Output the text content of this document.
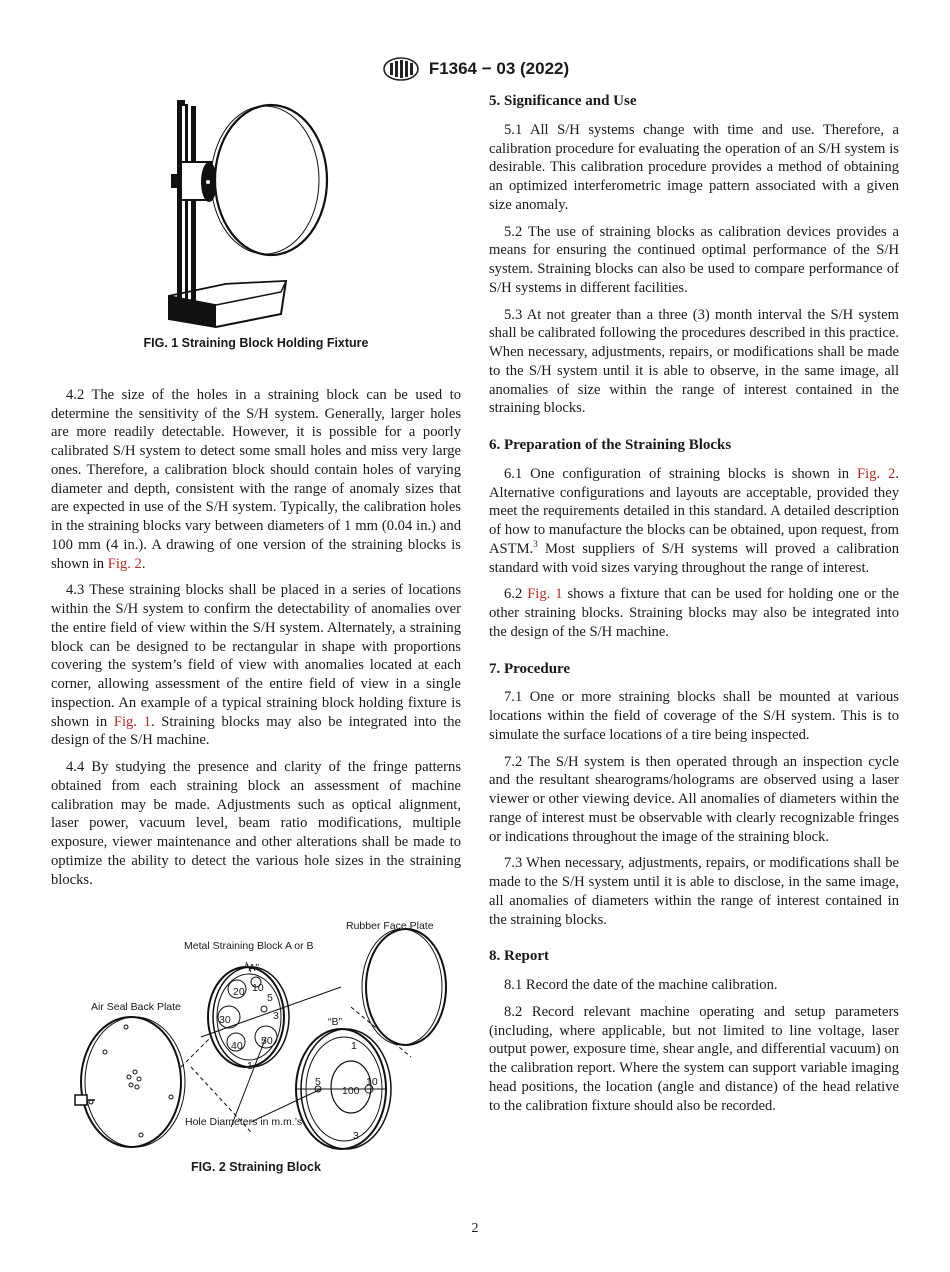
F1364 − 03 (2022)
FIG. 1 Straining Block Holding Fixture

4.2 The size of the holes in a straining block can be used to determine the sensitivity of the S/H system. Generally, larger holes are more readily detectable. However, it is possible for a poorly calibrated S/H system to detect some small holes and miss very large ones. Therefore, a calibration block should contain holes of varying diameter and depth, consistent with the range of anomaly sizes that are expected in use of the S/H system. Typically, the calibration holes in the straining blocks vary between diameters of 1 mm (0.04 in.) and 100 mm (4 in.). A drawing of one version of the straining blocks is shown in Fig. 2.

4.3 These straining blocks shall be placed in a series of locations within the S/H system to confirm the detectability of anomalies over the entire field of view within the S/H system. Alternately, a straining block can be designed to be rectangular in shape with proportions covering the system’s field of view with anomalies located at each corner, allowing assessment of the entire field of view in a single inspection. An example of a typical straining block holding fixture is shown in Fig. 1. Straining blocks may also be integrated into the design of the S/H machine.

4.4 By studying the presence and clarity of the fringe patterns obtained from each straining block an assessment of machine calibration may be made. Adjustments such as optical alignment, laser power, vacuum level, beam ratio modifications, multiple exposure, viewer maintenance and other alterations shall be made to optimize the ability to detect the various hole sizes in the straining blocks.

Rubber Face Plate
Metal Straining Block A or B
“A”
“B”
Air Seal Back Plate
Hole Diameters in m.m.’s
20 10
5
3
30
40 50
1
1
100
5	10
3
FIG. 2 Straining Block
5. Significance and Use

5.1 All S/H systems change with time and use. Therefore, a calibration procedure for evaluating the operation of an S/H system is desirable. This calibration procedure provides a method of obtaining an optimized interferometric image pattern associated with a given size anomaly.

5.2 The use of straining blocks as calibration devices provides a means for ensuring the continued optimal performance of the S/H system. Straining blocks can also be used to compare performance of S/H systems in different facilities.

5.3 At not greater than a three (3) month interval the S/H system shall be calibrated following the procedures described in this practice. When necessary, adjustments, repairs, or modifications shall be made to the S/H system until it is able to observe, in the same image, all anomalies of size within the range of interest contained in the straining blocks.

6. Preparation of the Straining Blocks

6.1 One configuration of straining blocks is shown in Fig. 2. Alternative configurations and layouts are acceptable, provided they meet the requirements detailed in this standard. A detailed description of how to manufacture the blocks can be obtained, upon request, from ASTM.$^3$ Most suppliers of S/H systems will proved a calibration standard with void sizes varying throughout the range of interest.

6.2 Fig. 1 shows a fixture that can be used for holding one or the other straining blocks. Straining blocks may also be integrated into the design of the S/H machine.

7. Procedure

7.1 One or more straining blocks shall be mounted at various locations within the field of coverage of the S/H system. This is to simulate the surface locations of a tire being inspected.

7.2 The S/H system is then operated through an inspection cycle and the resultant shearograms/holograms are observed using a laser viewer or other viewing device. All anomalies of diameters within the range of interest must be observable with clearly recognizable fringes or indications throughout the image of the straining block.

7.3 When necessary, adjustments, repairs, or modifications shall be made to the S/H system until it is able to disclose, in the same image, all anomalies of diameters within the range of interest contained in the straining blocks.

8. Report

8.1 Record the date of the machine calibration.

8.2 Record relevant machine operating and setup parameters (including, where applicable, but not limited to line voltage, laser output power, exposure time, shear angle, and differential vacuum) on the calibration report. Where the system can support variable imaging head positions, the location (angle and distance) of the head relative to the calibration fixture should also be recorded.

2
